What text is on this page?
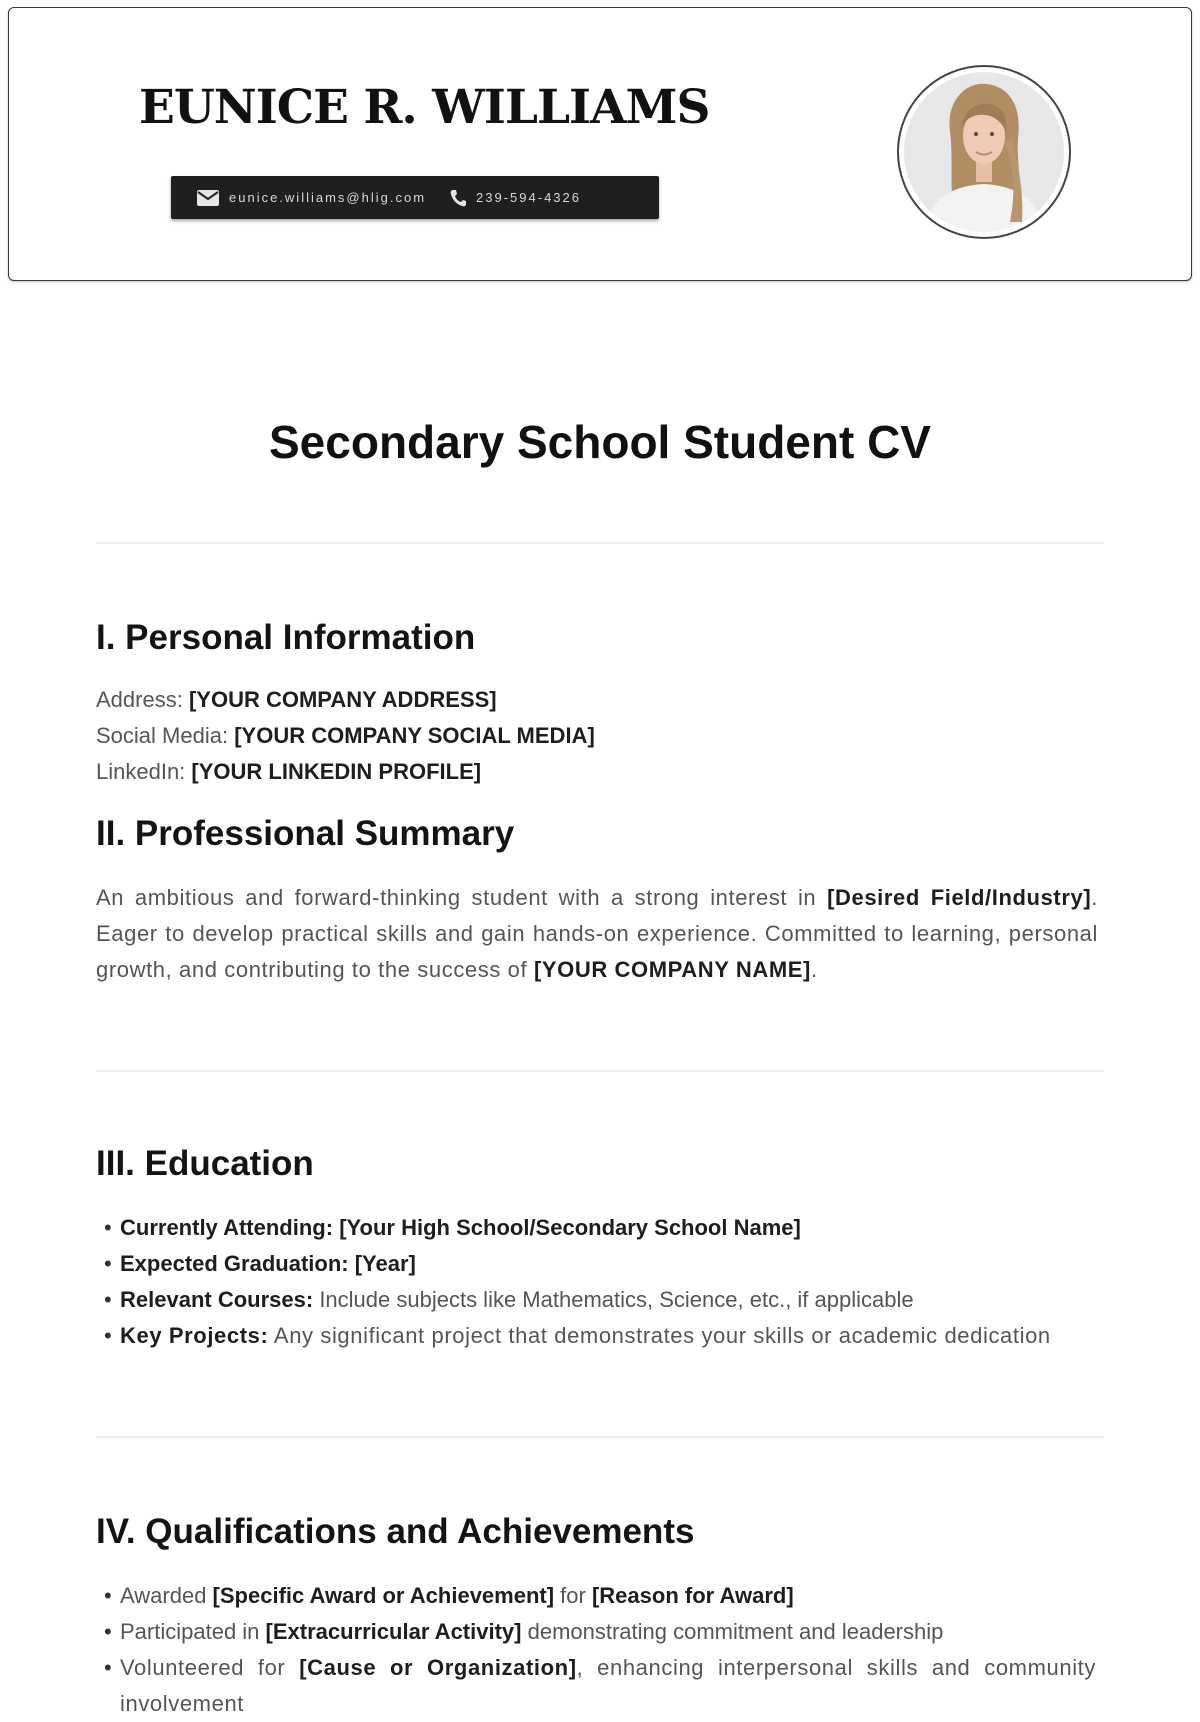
EUNICE R. WILLIAMS
eunice.williams@hlig.com	239-594-4326
Secondary School Student CV
I. Personal Information
Address: [YOUR COMPANY ADDRESS]
Social Media: [YOUR COMPANY SOCIAL MEDIA]
LinkedIn: [YOUR LINKEDIN PROFILE]
II. Professional Summary

An ambitious and forward-thinking student with a strong interest in [Desired Field/Industry]. Eager to develop practical skills and gain hands-on experience. Committed to learning, personal growth, and contributing to the success of [YOUR COMPANY NAME].

III. Education
• Currently Attending: [Your High School/Secondary School Name]
• Expected Graduation: [Year]
• Relevant Courses: Include subjects like Mathematics, Science, etc., if applicable
• Key Projects: Any significant project that demonstrates your skills or academic dedication
IV. Qualifications and Achievements
• Awarded [Specific Award or Achievement] for [Reason for Award]
• Participated in [Extracurricular Activity] demonstrating commitment and leadership
• Volunteered for [Cause or Organization], enhancing interpersonal skills and community involvement
